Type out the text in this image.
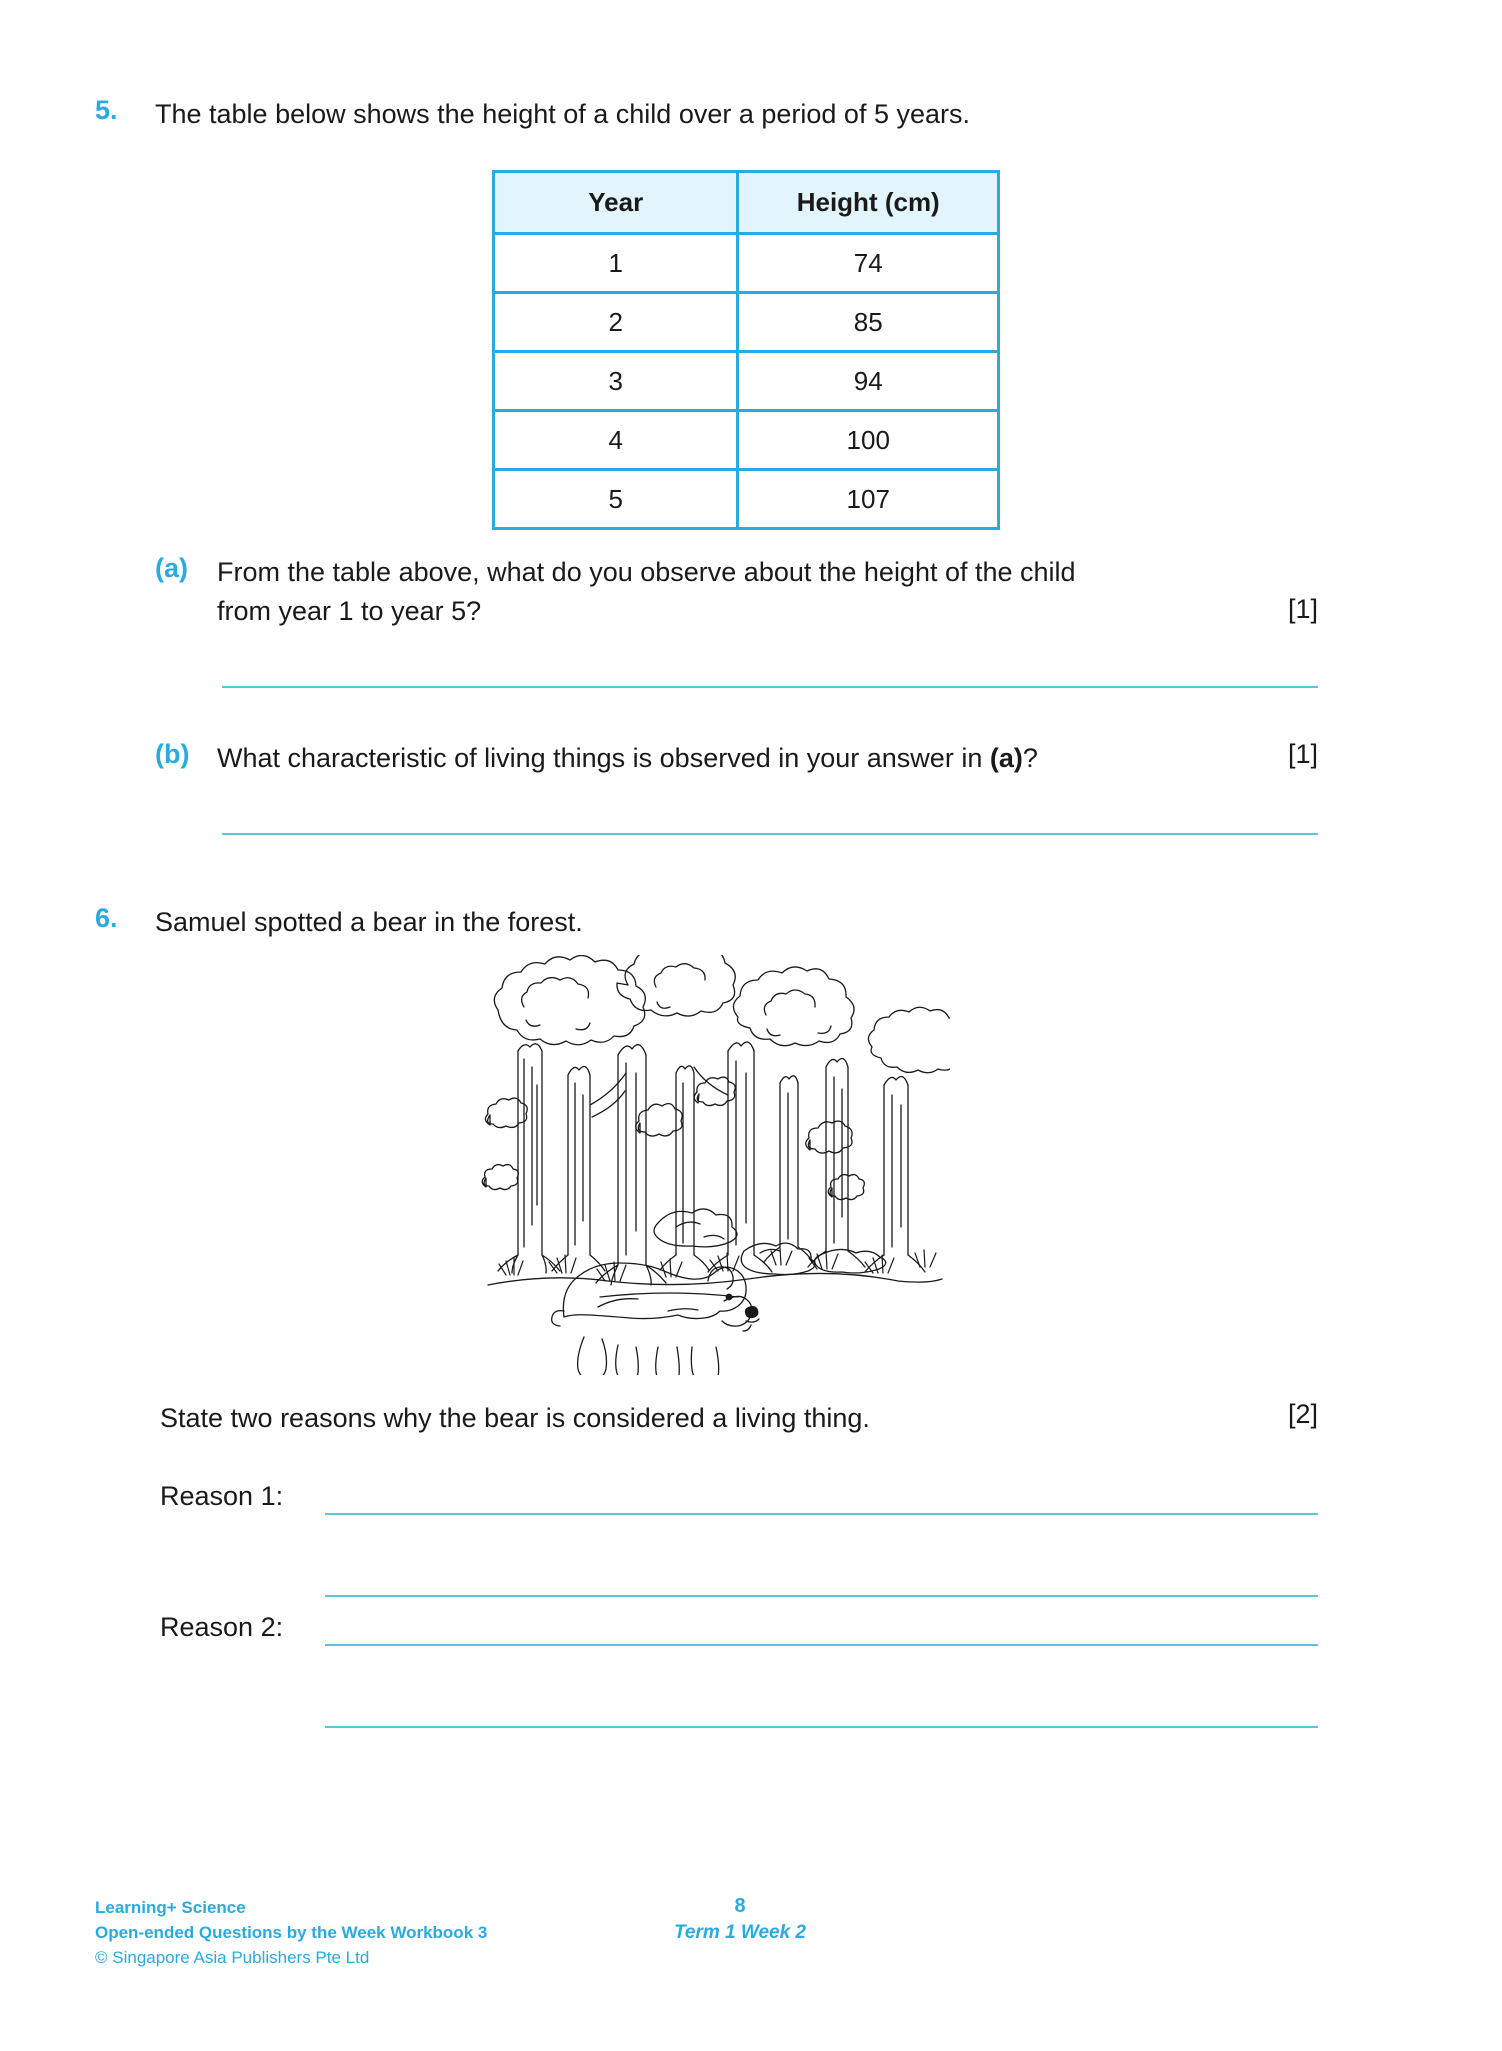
5.	The table below shows the height of a child over a period of 5 years.
Year	Height (cm)
1	74
2	85
3	94
4	100
5	107
(a)	From the table above, what do you observe about the height of the child
from year 1 to year 5?	[1]
(b)	What characteristic of living things is observed in your answer in (a)?	[1]
6.	Samuel spotted a bear in the forest.
State two reasons why the bear is considered a living thing.	[2]
Reason 1:
Reason 2:
Learning+ Science
Open-ended Questions by the Week Workbook 3
© Singapore Asia Publishers Pte Ltd
8
Term 1 Week 2
